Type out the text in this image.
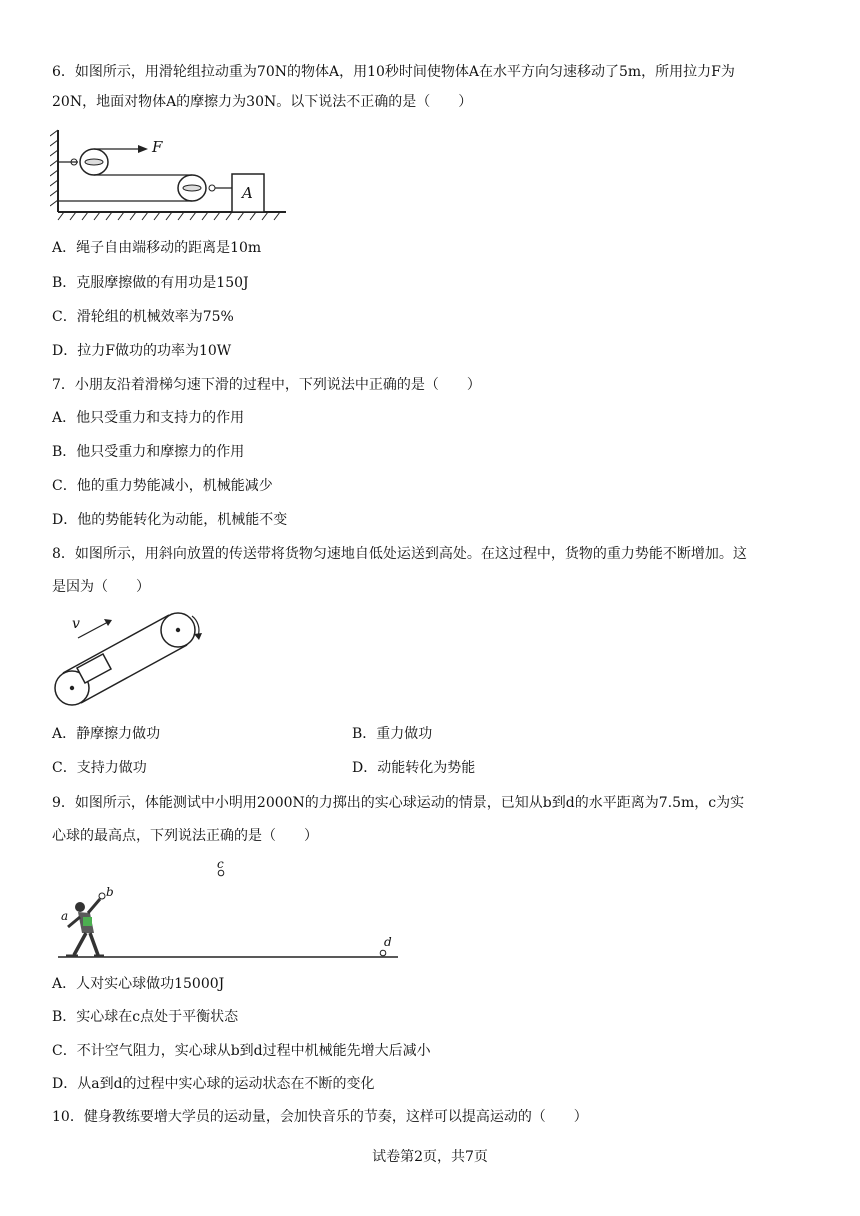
6．如图所示，用滑轮组拉动重为70N的物体A，用10秒时间使物体A在水平方向匀速移动了5m，所用拉力F为
20N，地面对物体A的摩擦力为30N。以下说法不正确的是（　　）
F
A
A．绳子自由端移动的距离是10m
B．克服摩擦做的有用功是150J
C．滑轮组的机械效率为75%
D．拉力F做功的功率为10W
7．小朋友沿着滑梯匀速下滑的过程中，下列说法中正确的是（　　）
A．他只受重力和支持力的作用
B．他只受重力和摩擦力的作用
C．他的重力势能减小，机械能减少
D．他的势能转化为动能，机械能不变
8．如图所示，用斜向放置的传送带将货物匀速地自低处运送到高处。在这过程中，货物的重力势能不断增加。这
是因为（　　）
v
A．静摩擦力做功	B．重力做功
C．支持力做功	D．动能转化为势能
9．如图所示，体能测试中小明用2000N的力掷出的实心球运动的情景，已知从b到d的水平距离为7.5m，c为实
心球的最高点，下列说法正确的是（　　）
c
b
a
d
A．人对实心球做功15000J
B．实心球在c点处于平衡状态
C．不计空气阻力，实心球从b到d过程中机械能先增大后减小
D．从a到d的过程中实心球的运动状态在不断的变化
10．健身教练要增大学员的运动量，会加快音乐的节奏，这样可以提高运动的（　　）
试卷第2页，共7页
